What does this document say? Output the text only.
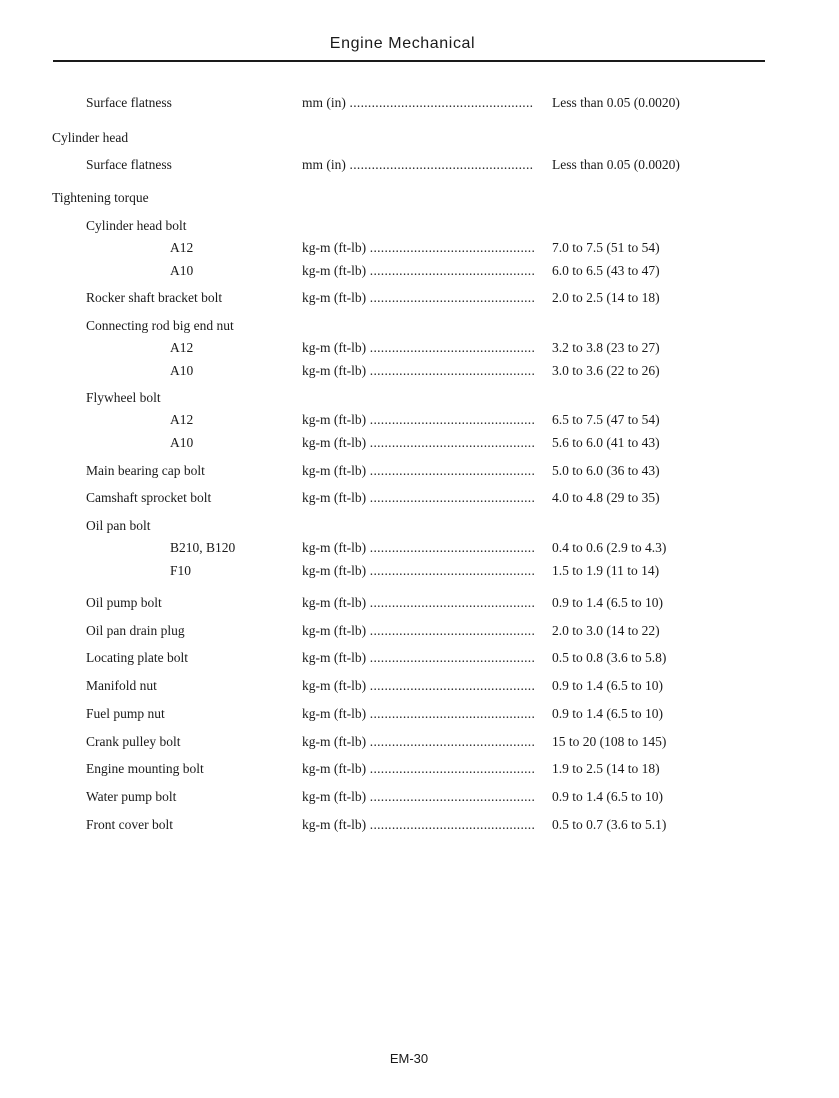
Engine Mechanical
Surface flatness	mm (in) .....	Less than 0.05 (0.0020)
Cylinder head
Surface flatness	mm (in) .....	Less than 0.05 (0.0020)
Tightening torque
Cylinder head bolt
A12	kg-m (ft-lb) .....	7.0 to 7.5 (51 to 54)
A10	kg-m (ft-lb) .....	6.0 to 6.5 (43 to 47)
Rocker shaft bracket bolt	kg-m (ft-lb) .....	2.0 to 2.5 (14 to 18)
Connecting rod big end nut
A12	kg-m (ft-lb) .....	3.2 to 3.8 (23 to 27)
A10	kg-m (ft-lb) .....	3.0 to 3.6 (22 to 26)
Flywheel bolt
A12	kg-m (ft-lb) .....	6.5 to 7.5 (47 to 54)
A10	kg-m (ft-lb) .....	5.6 to 6.0 (41 to 43)
Main bearing cap bolt	kg-m (ft-lb) .....	5.0 to 6.0 (36 to 43)
Camshaft sprocket bolt	kg-m (ft-lb) .....	4.0 to 4.8 (29 to 35)
Oil pan bolt
B210, B120	kg-m (ft-lb) .....	0.4 to 0.6 (2.9 to 4.3)
F10	kg-m (ft-lb) .....	1.5 to 1.9 (11 to 14)
Oil pump bolt	kg-m (ft-lb) .....	0.9 to 1.4 (6.5 to 10)
Oil pan drain plug	kg-m (ft-lb) .....	2.0 to 3.0 (14 to 22)
Locating plate bolt	kg-m (ft-lb) .....	0.5 to 0.8 (3.6 to 5.8)
Manifold nut	kg-m (ft-lb) .....	0.9 to 1.4 (6.5 to 10)
Fuel pump nut	kg-m (ft-lb) .....	0.9 to 1.4 (6.5 to 10)
Crank pulley bolt	kg-m (ft-lb) .....	15 to 20 (108 to 145)
Engine mounting bolt	kg-m (ft-lb) .....	1.9 to 2.5 (14 to 18)
Water pump bolt	kg-m (ft-lb) .....	0.9 to 1.4 (6.5 to 10)
Front cover bolt	kg-m (ft-lb) .....	0.5 to 0.7 (3.6 to 5.1)
EM-30
